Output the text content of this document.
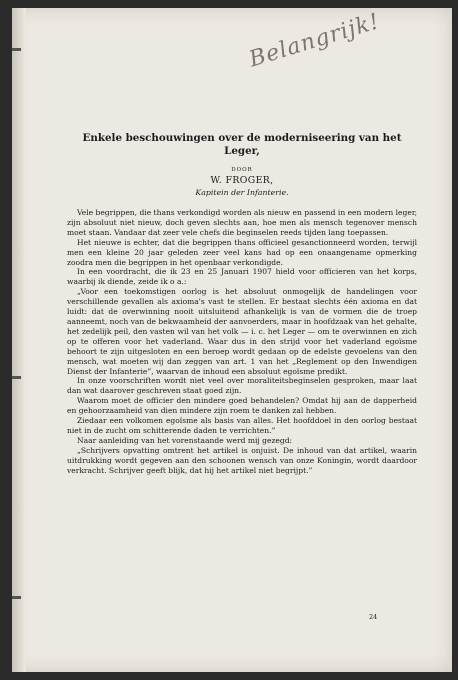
Belangrijk!

Enkele beschouwingen over de moderniseering van het Leger,

DOOR

W. FROGER,

Kapitein der Infanterie.

Vele begrippen, die thans verkondigd worden als nieuw en passend in een modern leger, zijn absoluut niet nieuw, doch geven slechts aan, hoe men als mensch tegenover mensch moet staan. Vandaar dat zeer vele chefs die beginselen reeds tijden lang toepassen.

Het nieuwe is echter, dat die begrippen thans officieel gesanctionneerd worden, terwijl men een kleine 20 jaar geleden zeer veel kans had op een onaangename opmerking zoodra men die begrippen in het openbaar verkondigde.

In een voordracht, die ik 23 en 25 Januari 1907 hield voor officieren van het korps, waarbij ik diende, zeide ik o a.:

„Voor een toekomstigen oorlog is het absoluut onmogelijk de handelingen voor verschillende gevallen als axioma's vast te stellen. Er bestaat slechts één axioma en dat luidt: dat de overwinning nooit uitsluitend afhankelijk is van de vormen die de troep aanneemt, noch van de bekwaamheid der aanvoerders, maar in hoofdzaak van het gehalte, het zedelijk peil, den vasten wil van het volk — i. c. het Leger — om te overwinnen en zich op te offeren voor het vaderland. Waar dus in den strijd voor het vaderland egoïsme behoort te zijn uitgesloten en een beroep wordt gedaan op de edelste gevoelens van den mensch, wat moeten wij dan zeggen van art. 1 van het „Reglement op den Inwendigen Dienst der Infanterie”, waarvan de inhoud een absoluut egoïsme predikt.

In onze voorschriften wordt niet veel over moraliteitsbeginselen gesproken, maar laat dan wat daarover geschreven staat goed zijn.

Waarom moet de officier den mindere goed behandelen? Omdat hij aan de dapperheid en gehoorzaamheid van dien mindere zijn roem te danken zal hebben.

Ziedaar een volkomen egoïsme als basis van alles. Het hoofddoel in den oorlog bestaat niet in de zucht om schitterende daden te verrichten.”

Naar aanleiding van het vorenstaande werd mij gezegd:

„Schrijvers opvatting omtrent het artikel is onjuist. De inhoud van dat artikel, waarin uitdrukking wordt gegeven aan den schoonen wensch van onze Koningin, wordt daardoor verkracht. Schrijver geeft blijk, dat hij het artikel niet begrijpt.”

24
